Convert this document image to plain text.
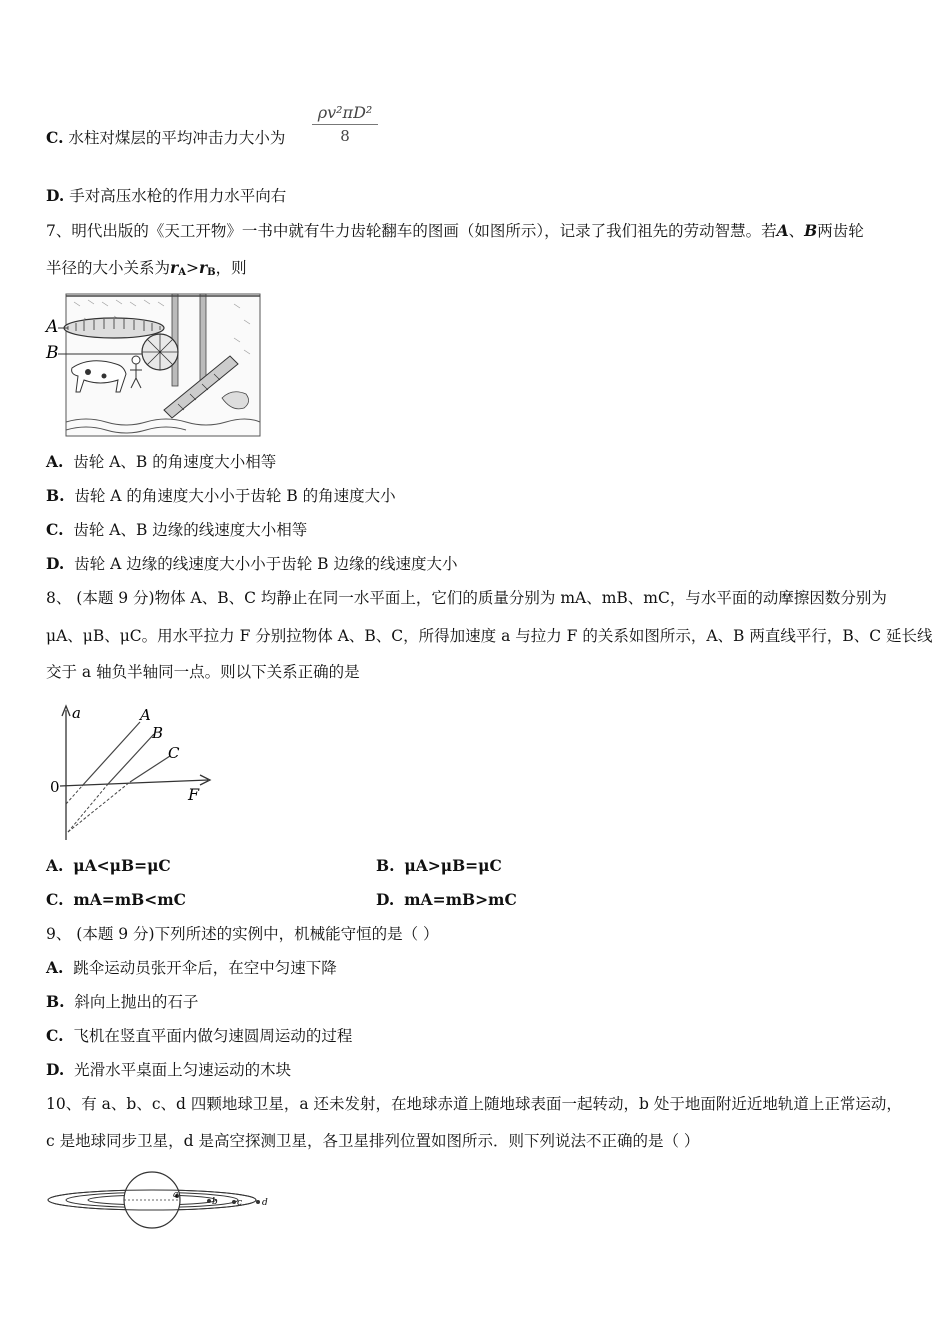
C. 水柱对煤层的平均冲击力大小为 $\frac{\text{ρv²πD²}}{8}$
D. 手对高压水枪的作用力水平向右
7、明代出版的《天工开物》一书中就有牛力齿轮翻车的图画（如图所示），记录了我们祖先的劳动智慧。若A、B两齿轮
半径的大小关系为$r_A>r_B$，则
A
B
A. 齿轮 A、B 的角速度大小相等
B. 齿轮 A 的角速度大小小于齿轮 B 的角速度大小
C. 齿轮 A、B 边缘的线速度大小相等
D. 齿轮 A 边缘的线速度大小小于齿轮 B 边缘的线速度大小
8、 (本题 9 分)物体 A、B、C 均静止在同一水平面上，它们的质量分别为 mA、mB、mC，与水平面的动摩擦因数分别为
μA、μB、μC。用水平拉力 F 分别拉物体 A、B、C，所得加速度 a 与拉力 F 的关系如图所示，A、B 两直线平行，B、C 延长线
交于 a 轴负半轴同一点。则以下关系正确的是
a
F
0
A
B
C
A. μA<μB=μC	B. μA>μB=μC
C. mA=mB<mC	D. mA=mB>mC
9、 (本题 9 分)下列所述的实例中，机械能守恒的是（ ）
A. 跳伞运动员张开伞后，在空中匀速下降
B. 斜向上抛出的石子
C. 飞机在竖直平面内做匀速圆周运动的过程
D. 光滑水平桌面上匀速运动的木块
10、有 a、b、c、d 四颗地球卫星，a 还未发射，在地球赤道上随地球表面一起转动，b 处于地面附近近地轨道上正常运动，
c 是地球同步卫星，d 是高空探测卫星，各卫星排列位置如图所示．则下列说法不正确的是（ ）
a
b c d
